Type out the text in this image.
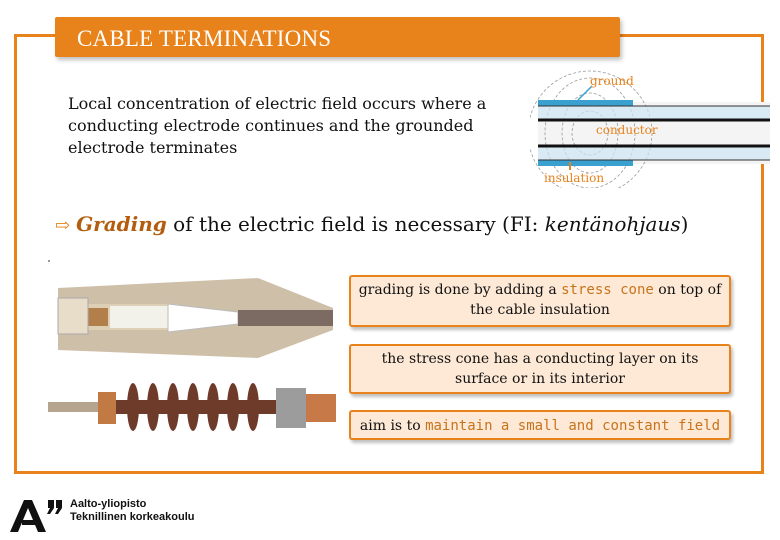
CABLE TERMINATIONS
Local concentration of electric field occurs where a conducting electrode continues and the grounded electrode terminates
ground
conductor
insulation
⇨ Grading of the electric field is necessary (FI: kentänohjaus)
grading is done by adding a stress cone on top of the cable insulation
the stress cone has a conducting layer on its surface or in its interior
aim is to maintain a small and constant field
Aalto-yliopisto
Teknillinen korkeakoulu
